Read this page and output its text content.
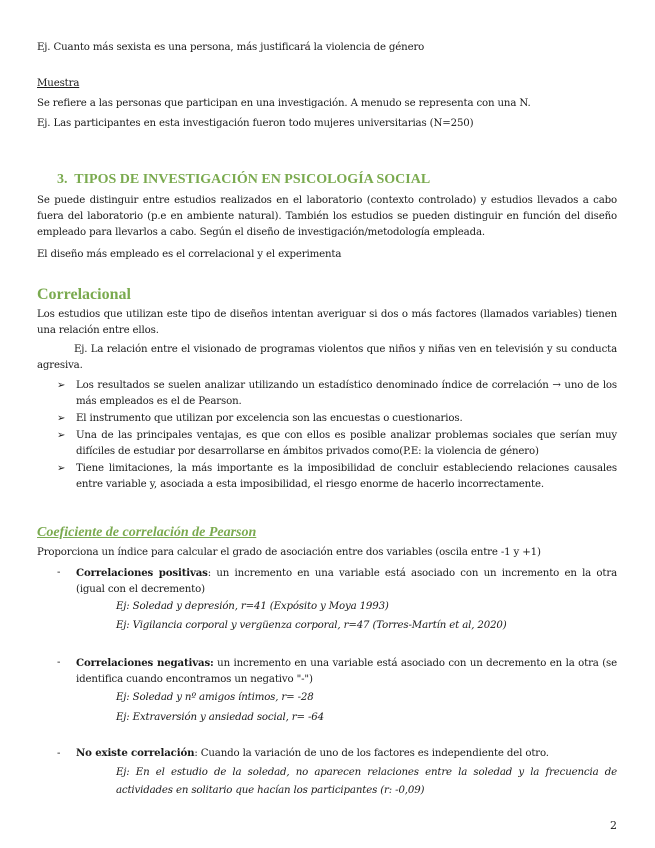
Ej. Cuanto más sexista es una persona, más justificará la violencia de género
Muestra
Se refiere a las personas que participan en una investigación. A menudo se representa con una N.
Ej. Las participantes en esta investigación fueron todo mujeres universitarias (N=250)
3. TIPOS DE INVESTIGACIÓN EN PSICOLOGÍA SOCIAL
Se puede distinguir entre estudios realizados en el laboratorio (contexto controlado) y estudios llevados a cabo fuera del laboratorio (p.e en ambiente natural). También los estudios se pueden distinguir en función del diseño empleado para llevarlos a cabo. Según el diseño de investigación/metodología empleada.
El diseño más empleado es el correlacional y el experimenta
Correlacional
Los estudios que utilizan este tipo de diseños intentan averiguar si dos o más factores (llamados variables) tienen una relación entre ellos.
Ej. La relación entre el visionado de programas violentos que niños y niñas ven en televisión y su conducta agresiva.
➢ Los resultados se suelen analizar utilizando un estadístico denominado índice de correlación → uno de los más empleados es el de Pearson.
➢ El instrumento que utilizan por excelencia son las encuestas o cuestionarios.
➢ Una de las principales ventajas, es que con ellos es posible analizar problemas sociales que serían muy difíciles de estudiar por desarrollarse en ámbitos privados como(P.E: la violencia de género)
➢ Tiene limitaciones, la más importante es la imposibilidad de concluir estableciendo relaciones causales entre variable y, asociada a esta imposibilidad, el riesgo enorme de hacerlo incorrectamente.
Coeficiente de correlación de Pearson
Proporciona un índice para calcular el grado de asociación entre dos variables (oscila entre -1 y +1)
- Correlaciones positivas: un incremento en una variable está asociado con un incremento en la otra (igual con el decremento)
Ej: Soledad y depresión, r=41 (Expósito y Moya 1993)
Ej: Vigilancia corporal y vergüenza corporal, r=47 (Torres-Martín et al, 2020)
- Correlaciones negativas: un incremento en una variable está asociado con un decremento en la otra (se identifica cuando encontramos un negativo "-")
Ej: Soledad y nº amigos íntimos, r= -28
Ej: Extraversión y ansiedad social, r= -64
- No existe correlación: Cuando la variación de uno de los factores es independiente del otro.
Ej: En el estudio de la soledad, no aparecen relaciones entre la soledad y la frecuencia de actividades en solitario que hacían los participantes (r: -0,09)
2
